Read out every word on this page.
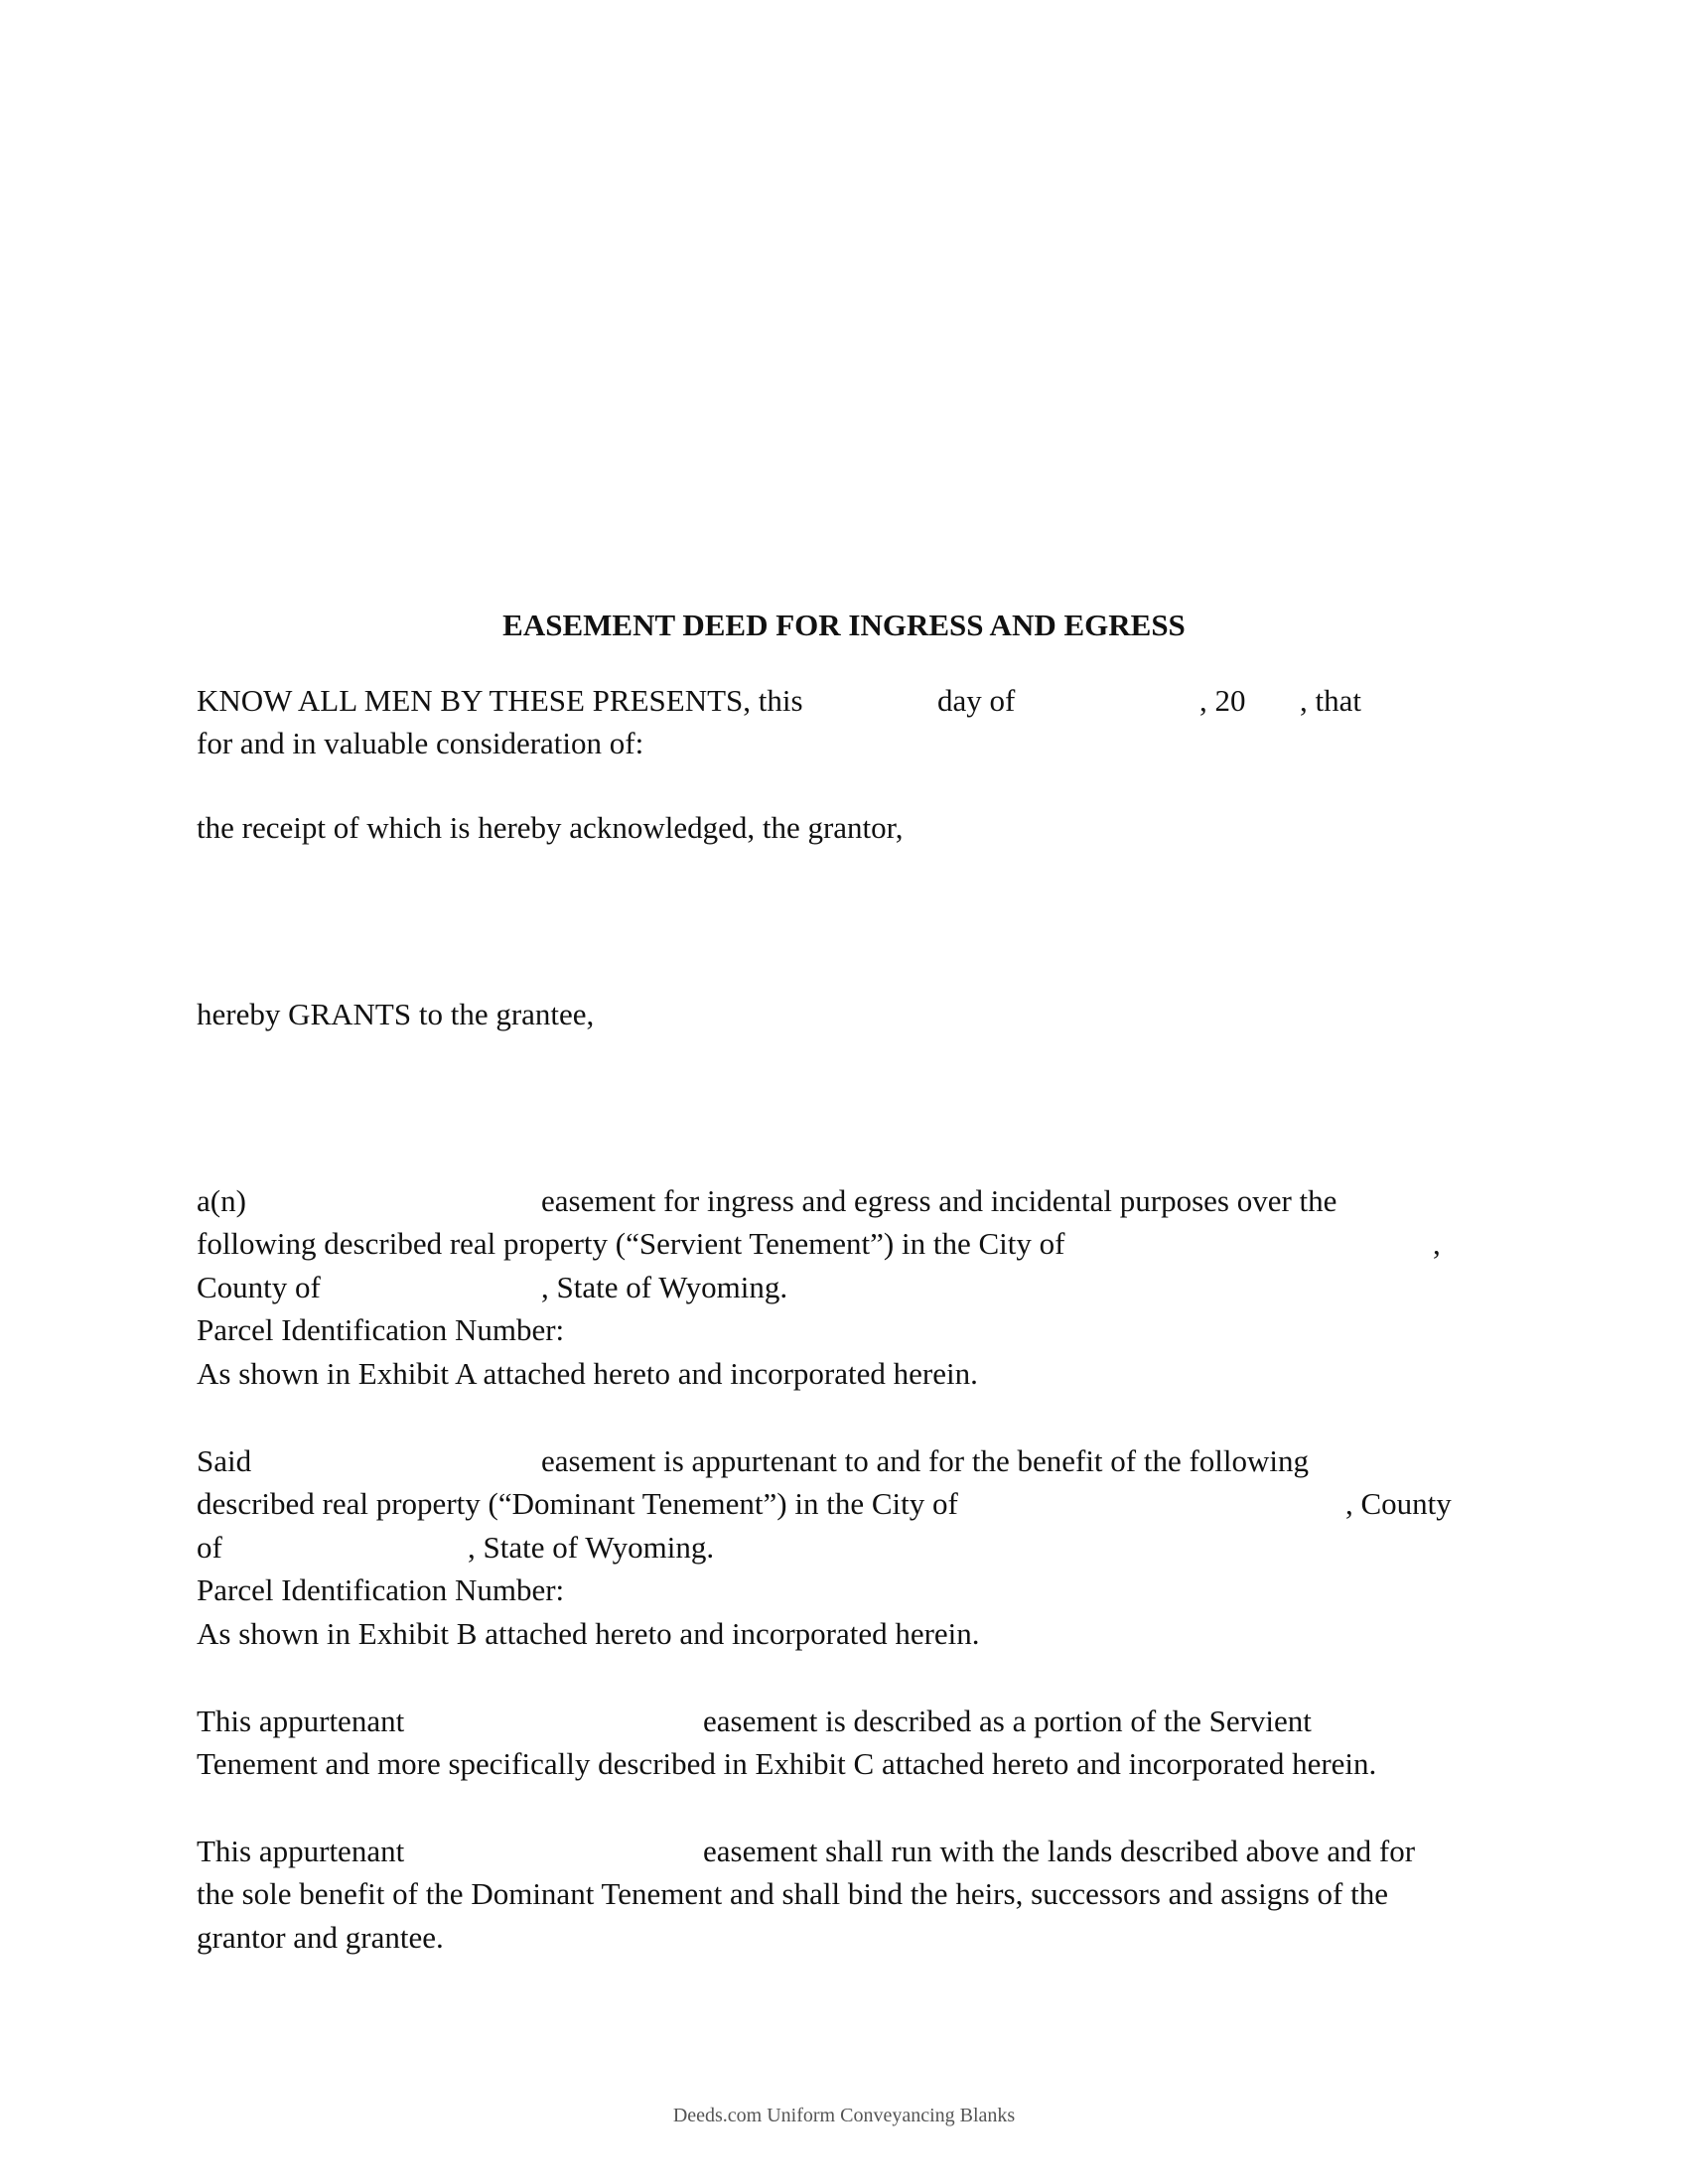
EASEMENT DEED FOR INGRESS AND EGRESS
KNOW ALL MEN BY THESE PRESENTS, this	day of	, 20 , that
for and in valuable consideration of:
the receipt of which is hereby acknowledged, the grantor,
hereby GRANTS to the grantee,
a(n)	easement for ingress and egress and incidental purposes over the
following described real property (“Servient Tenement”) in the City of	,
County of	, State of Wyoming.
Parcel Identification Number:
As shown in Exhibit A attached hereto and incorporated herein.
Said	easement is appurtenant to and for the benefit of the following
described real property (“Dominant Tenement”) in the City of	, County
of	, State of Wyoming.
Parcel Identification Number:
As shown in Exhibit B attached hereto and incorporated herein.
This appurtenant	easement is described as a portion of the Servient
Tenement and more specifically described in Exhibit C attached hereto and incorporated herein.
This appurtenant	easement shall run with the lands described above and for
the sole benefit of the Dominant Tenement and shall bind the heirs, successors and assigns of the
grantor and grantee.
Deeds.com Uniform Conveyancing Blanks
